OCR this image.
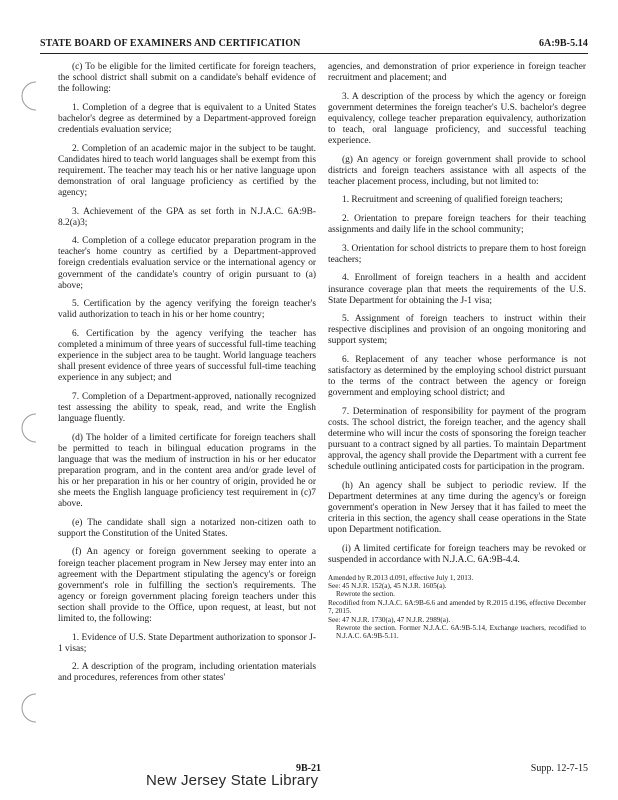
STATE BOARD OF EXAMINERS AND CERTIFICATION	6A:9B-5.14

(c) To be eligible for the limited certificate for foreign teachers, the school district shall submit on a candidate's behalf evidence of the following:

1. Completion of a degree that is equivalent to a United States bachelor's degree as determined by a Department-approved foreign credentials evaluation service;

2. Completion of an academic major in the subject to be taught. Candidates hired to teach world languages shall be exempt from this requirement. The teacher may teach his or her native language upon demonstration of oral language proficiency as certified by the agency;

3. Achievement of the GPA as set forth in N.J.A.C. 6A:9B-8.2(a)3;

4. Completion of a college educator preparation program in the teacher's home country as certified by a Department-approved foreign credentials evaluation service or the international agency or government of the candidate's country of origin pursuant to (a) above;

5. Certification by the agency verifying the foreign teacher's valid authorization to teach in his or her home country;

6. Certification by the agency verifying the teacher has completed a minimum of three years of successful full-time teaching experience in the subject area to be taught. World language teachers shall present evidence of three years of successful full-time teaching experience in any subject; and

7. Completion of a Department-approved, nationally recognized test assessing the ability to speak, read, and write the English language fluently.

(d) The holder of a limited certificate for foreign teachers shall be permitted to teach in bilingual education programs in the language that was the medium of instruction in his or her educator preparation program, and in the content area and/or grade level of his or her preparation in his or her country of origin, provided he or she meets the English language proficiency test requirement in (c)7 above.

(e) The candidate shall sign a notarized non-citizen oath to support the Constitution of the United States.

(f) An agency or foreign government seeking to operate a foreign teacher placement program in New Jersey may enter into an agreement with the Department stipulating the agency's or foreign government's role in fulfilling the section's requirements. The agency or foreign government placing foreign teachers under this section shall provide to the Office, upon request, at least, but not limited to, the following:

1. Evidence of U.S. State Department authorization to sponsor J-1 visas;

2. A description of the program, including orientation materials and procedures, references from other states'

agencies, and demonstration of prior experience in foreign teacher recruitment and placement; and

3. A description of the process by which the agency or foreign government determines the foreign teacher's U.S. bachelor's degree equivalency, college teacher preparation equivalency, authorization to teach, oral language proficiency, and successful teaching experience.

(g) An agency or foreign government shall provide to school districts and foreign teachers assistance with all aspects of the teacher placement process, including, but not limited to:

1. Recruitment and screening of qualified foreign teachers;

2. Orientation to prepare foreign teachers for their teaching assignments and daily life in the school community;

3. Orientation for school districts to prepare them to host foreign teachers;

4. Enrollment of foreign teachers in a health and accident insurance coverage plan that meets the requirements of the U.S. State Department for obtaining the J-1 visa;

5. Assignment of foreign teachers to instruct within their respective disciplines and provision of an ongoing monitoring and support system;

6. Replacement of any teacher whose performance is not satisfactory as determined by the employing school district pursuant to the terms of the contract between the agency or foreign government and employing school district; and

7. Determination of responsibility for payment of the program costs. The school district, the foreign teacher, and the agency shall determine who will incur the costs of sponsoring the foreign teacher pursuant to a contract signed by all parties. To maintain Department approval, the agency shall provide the Department with a current fee schedule outlining anticipated costs for participation in the program.

(h) An agency shall be subject to periodic review. If the Department determines at any time during the agency's or foreign government's operation in New Jersey that it has failed to meet the criteria in this section, the agency shall cease operations in the State upon Department notification.

(i) A limited certificate for foreign teachers may be revoked or suspended in accordance with N.J.A.C. 6A:9B-4.4.

Amended by R.2013 d.091, effective July 1, 2013.
See: 45 N.J.R. 152(a), 45 N.J.R. 1605(a).
Rewrote the section.
Recodified from N.J.A.C. 6A:9B-6.6 and amended by R.2015 d.196, effective December 7, 2015.
See: 47 N.J.R. 1730(a), 47 N.J.R. 2989(a).
Rewrote the section. Former N.J.A.C. 6A:9B-5.14, Exchange teachers, recodified to N.J.A.C. 6A:9B-5.11.
9B-21	Supp. 12-7-15
New Jersey State Library
